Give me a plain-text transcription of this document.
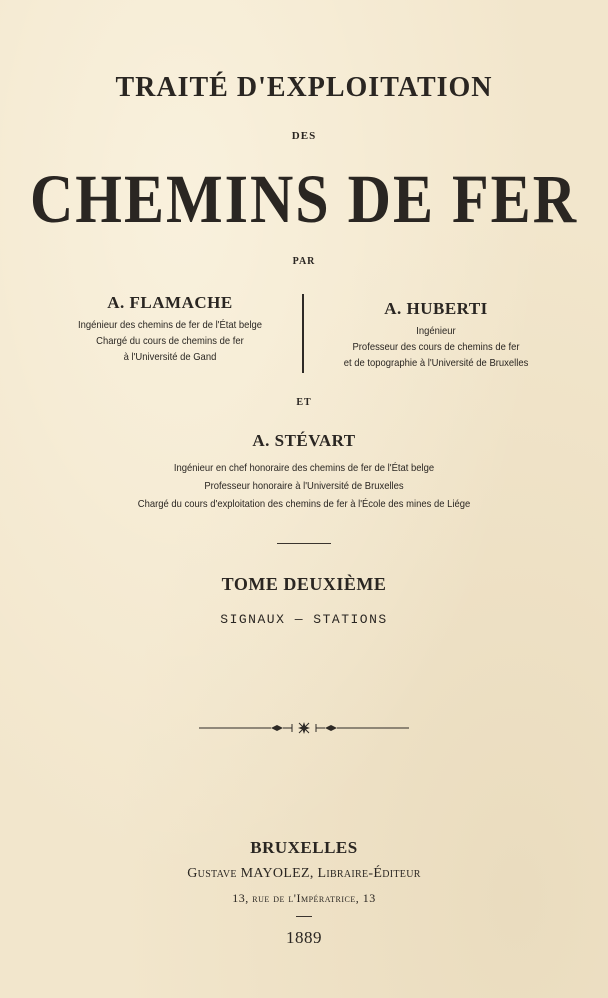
TRAITÉ D'EXPLOITATION
DES
CHEMINS DE FER
PAR
A. FLAMACHE
Ingénieur des chemins de fer de l'État belge
Chargé du cours de chemins de fer
à l'Université de Gand
A. HUBERTI
Ingénieur
Professeur des cours de chemins de fer
et de topographie à l'Université de Bruxelles
ET
A. STÉVART
Ingénieur en chef honoraire des chemins de fer de l'État belge
Professeur honoraire à l'Université de Bruxelles
Chargé du cours d'exploitation des chemins de fer à l'École des mines de Liége
TOME DEUXIÈME
SIGNAUX — STATIONS
BRUXELLES
Gustave MAYOLEZ, Libraire-Éditeur
13, rue de l'Impératrice, 13
1889
